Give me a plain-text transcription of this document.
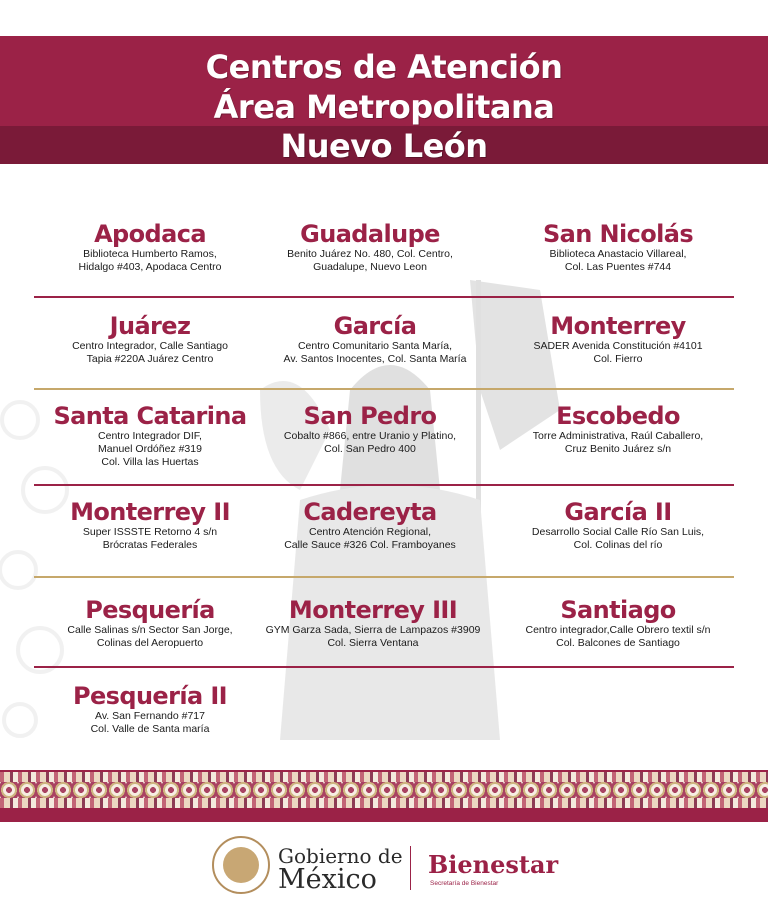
Centros de Atención
Área Metropolitana
Nuevo León
Apodaca
Biblioteca Humberto Ramos,
Hidalgo #403, Apodaca Centro
Guadalupe
Benito Juárez No. 480, Col. Centro,
Guadalupe, Nuevo Leon
San Nicolás
Biblioteca Anastacio Villareal,
Col. Las Puentes #744
Juárez
Centro Integrador, Calle Santiago
Tapia #220A Juárez Centro
García
Centro Comunitario Santa María,
Av. Santos Inocentes, Col. Santa María
Monterrey
SADER Avenida Constitución #4101
Col. Fierro
Santa Catarina
Centro Integrador DIF,
Manuel Ordóñez #319
Col. Villa las Huertas
San Pedro
Cobalto #866, entre Uranio y Platino,
Col. San Pedro 400
Escobedo
Torre Administrativa, Raúl Caballero,
Cruz Benito Juárez s/n
Monterrey II
Super ISSSTE Retorno 4 s/n
Brócratas Federales
Cadereyta
Centro Atención Regional,
Calle Sauce #326 Col. Framboyanes
García II
Desarrollo Social Calle Río San Luis,
Col. Colinas del río
Pesquería
Calle Salinas s/n Sector San Jorge,
Colinas del Aeropuerto
Monterrey III
GYM Garza Sada, Sierra de Lampazos #3909
Col. Sierra Ventana
Santiago
Centro integrador,Calle Obrero textil s/n
Col. Balcones de Santiago
Pesquería II
Av. San Fernando #717
Col. Valle de Santa maría
Gobierno de
México Bienestar
Secretaría de Bienestar
